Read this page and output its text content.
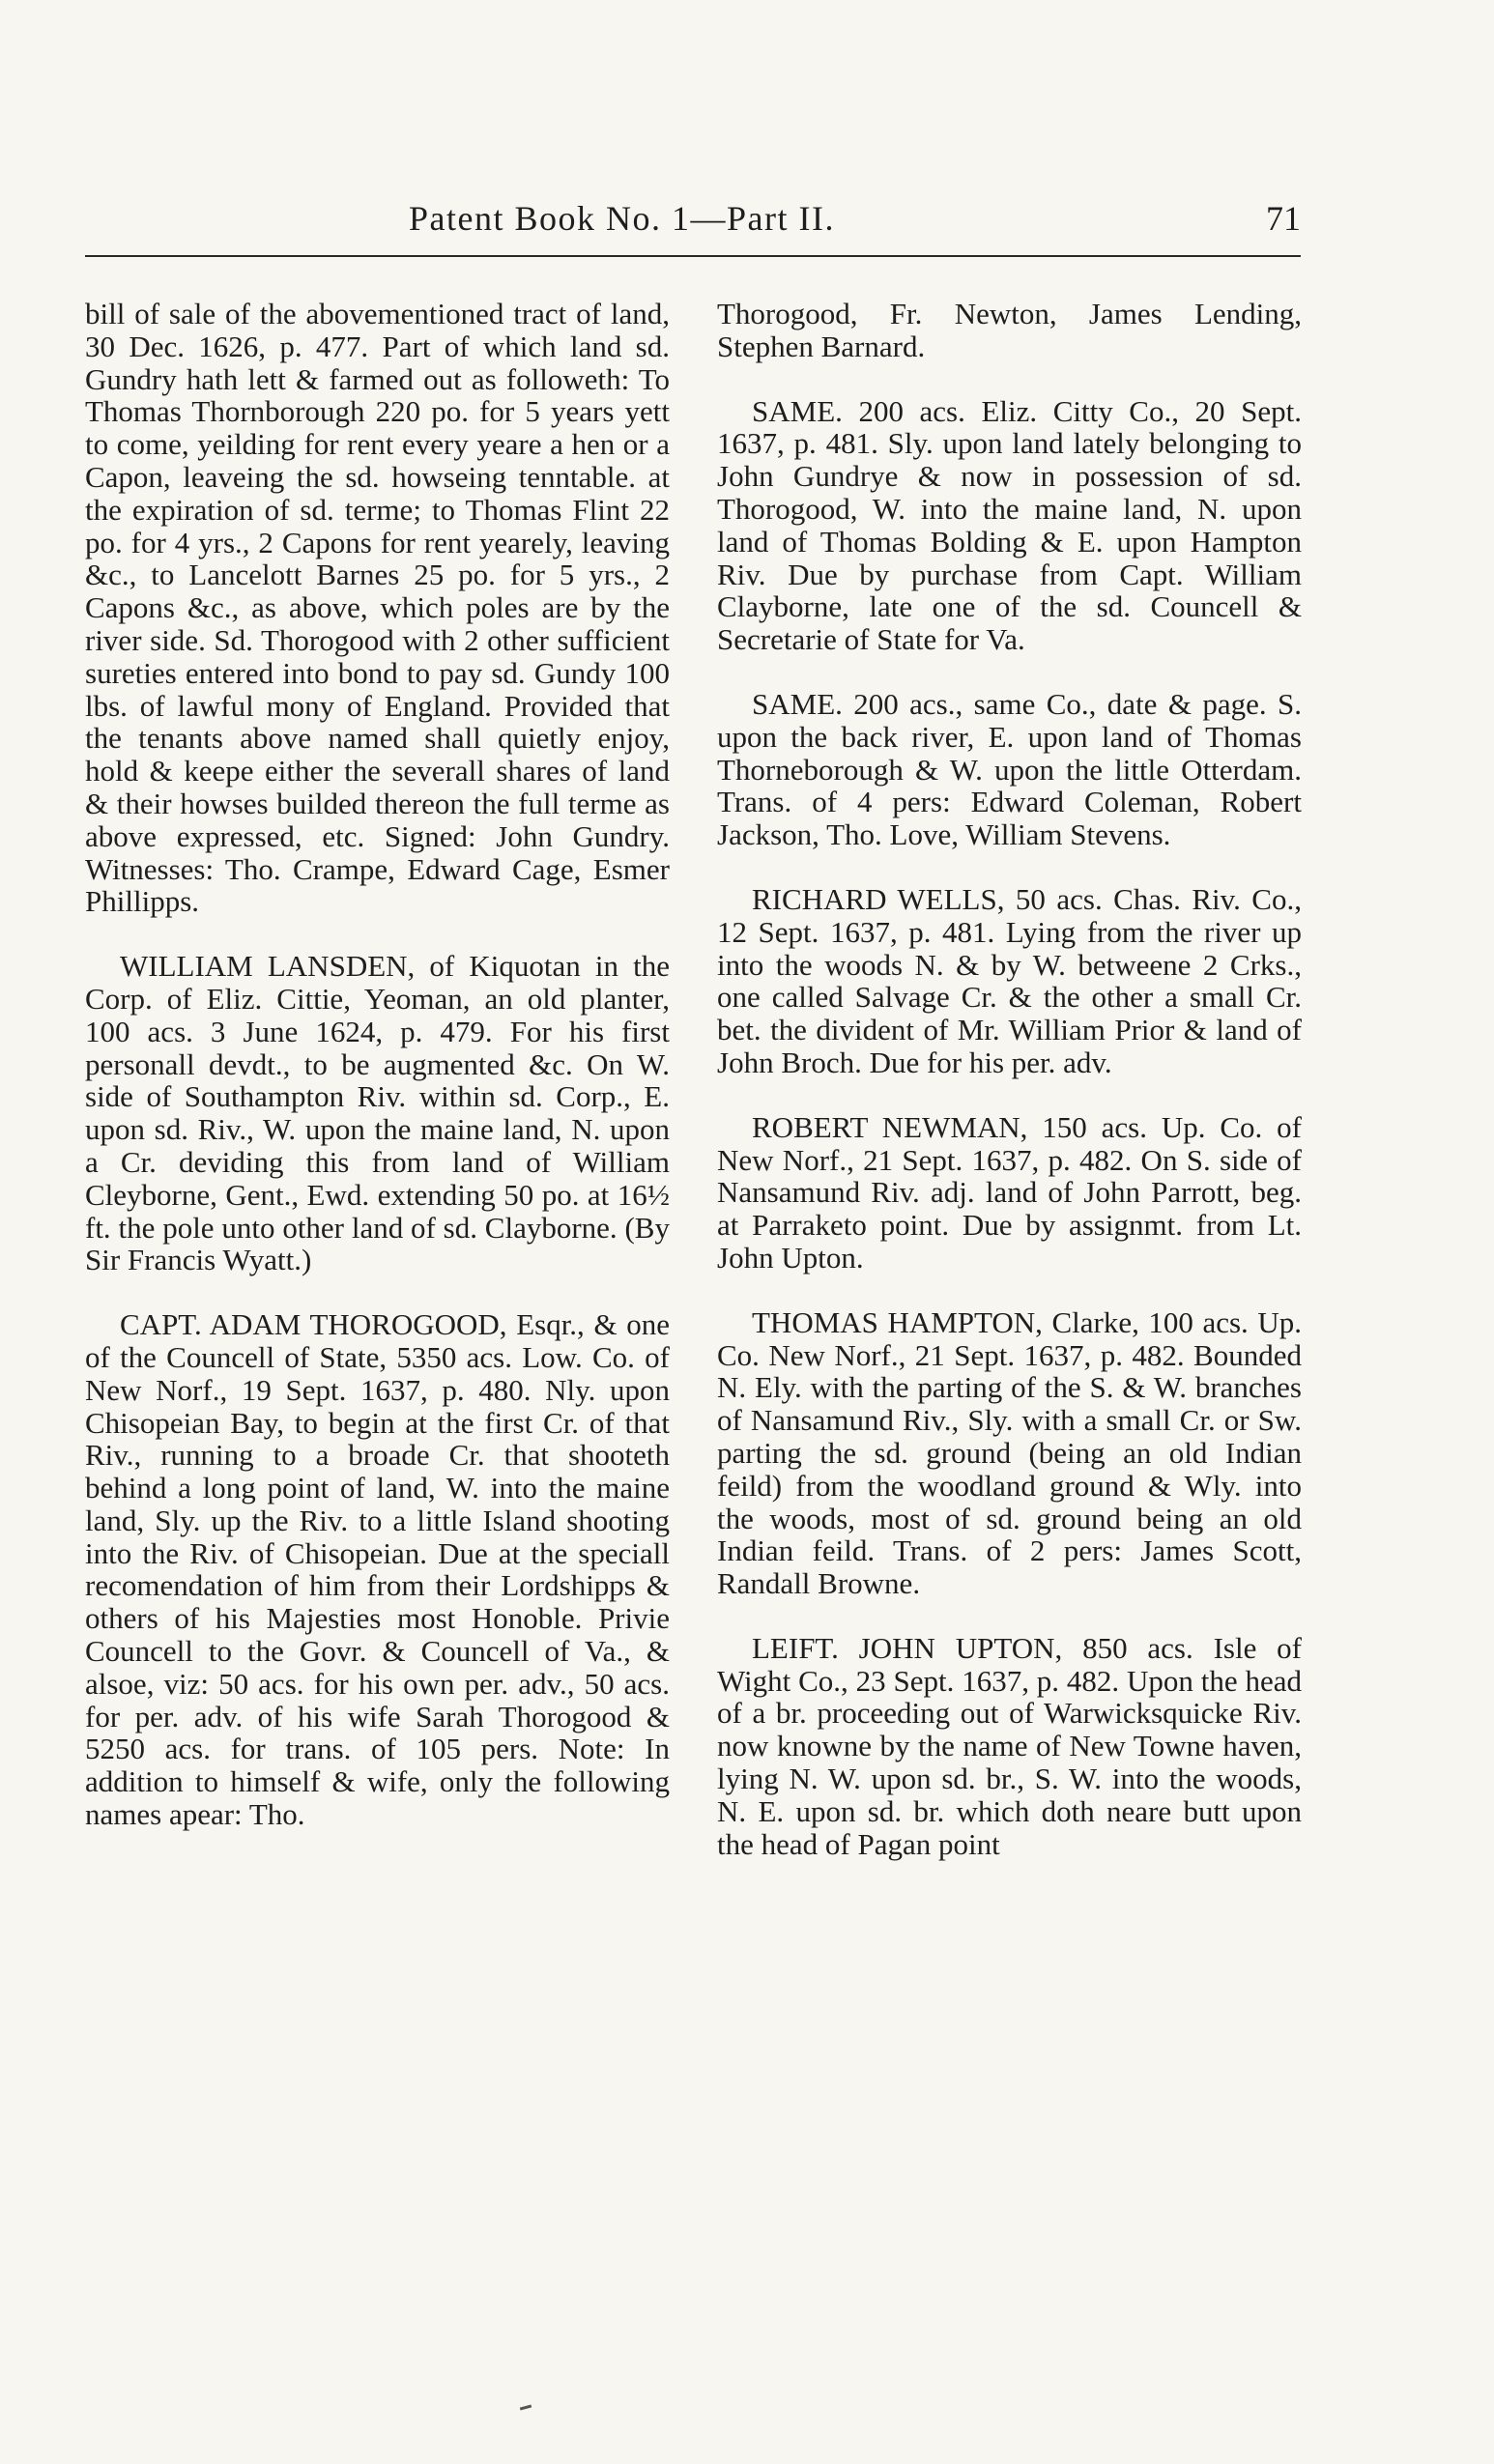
Patent Book No. 1—Part II.	71

bill of sale of the abovementioned tract of land, 30 Dec. 1626, p. 477. Part of which land sd. Gundry hath lett & farmed out as followeth: To Thomas Thornborough 220 po. for 5 years yett to come, yeilding for rent every yeare a hen or a Capon, leaveing the sd. howseing tenntable. at the expiration of sd. terme; to Thomas Flint 22 po. for 4 yrs., 2 Capons for rent yearely, leaving &c., to Lancelott Barnes 25 po. for 5 yrs., 2 Capons &c., as above, which poles are by the river side. Sd. Thorogood with 2 other sufficient sureties entered into bond to pay sd. Gundy 100 lbs. of lawful mony of England. Provided that the tenants above named shall quietly enjoy, hold & keepe either the severall shares of land & their howses builded thereon the full terme as above expressed, etc. Signed: John Gundry. Witnesses: Tho. Crampe, Edward Cage, Esmer Phillipps.

WILLIAM LANSDEN, of Kiquotan in the Corp. of Eliz. Cittie, Yeoman, an old planter, 100 acs. 3 June 1624, p. 479. For his first personall devdt., to be augmented &c. On W. side of Southampton Riv. within sd. Corp., E. upon sd. Riv., W. upon the maine land, N. upon a Cr. deviding this from land of William Cleyborne, Gent., Ewd. extending 50 po. at 16½ ft. the pole unto other land of sd. Clayborne. (By Sir Francis Wyatt.)

CAPT. ADAM THOROGOOD, Esqr., & one of the Councell of State, 5350 acs. Low. Co. of New Norf., 19 Sept. 1637, p. 480. Nly. upon Chisopeian Bay, to begin at the first Cr. of that Riv., running to a broade Cr. that shooteth behind a long point of land, W. into the maine land, Sly. up the Riv. to a little Island shooting into the Riv. of Chisopeian. Due at the speciall recomendation of him from their Lordshipps & others of his Majesties most Honoble. Privie Councell to the Govr. & Councell of Va., & alsoe, viz: 50 acs. for his own per. adv., 50 acs. for per. adv. of his wife Sarah Thorogood & 5250 acs. for trans. of 105 pers. Note: In addition to himself & wife, only the following names apear: Tho.

Thorogood, Fr. Newton, James Lending, Stephen Barnard.

SAME. 200 acs. Eliz. Citty Co., 20 Sept. 1637, p. 481. Sly. upon land lately belonging to John Gundrye & now in possession of sd. Thorogood, W. into the maine land, N. upon land of Thomas Bolding & E. upon Hampton Riv. Due by purchase from Capt. William Clayborne, late one of the sd. Councell & Secretarie of State for Va.

SAME. 200 acs., same Co., date & page. S. upon the back river, E. upon land of Thomas Thorneborough & W. upon the little Otterdam. Trans. of 4 pers: Edward Coleman, Robert Jackson, Tho. Love, William Stevens.

RICHARD WELLS, 50 acs. Chas. Riv. Co., 12 Sept. 1637, p. 481. Lying from the river up into the woods N. & by W. betweene 2 Crks., one called Salvage Cr. & the other a small Cr. bet. the divident of Mr. William Prior & land of John Broch. Due for his per. adv.

ROBERT NEWMAN, 150 acs. Up. Co. of New Norf., 21 Sept. 1637, p. 482. On S. side of Nansamund Riv. adj. land of John Parrott, beg. at Parraketo point. Due by assignmt. from Lt. John Upton.

THOMAS HAMPTON, Clarke, 100 acs. Up. Co. New Norf., 21 Sept. 1637, p. 482. Bounded N. Ely. with the parting of the S. & W. branches of Nansamund Riv., Sly. with a small Cr. or Sw. parting the sd. ground (being an old Indian feild) from the woodland ground & Wly. into the woods, most of sd. ground being an old Indian feild. Trans. of 2 pers: James Scott, Randall Browne.

LEIFT. JOHN UPTON, 850 acs. Isle of Wight Co., 23 Sept. 1637, p. 482. Upon the head of a br. proceeding out of Warwicksquicke Riv. now knowne by the name of New Towne haven, lying N. W. upon sd. br., S. W. into the woods, N. E. upon sd. br. which doth neare butt upon the head of Pagan point
